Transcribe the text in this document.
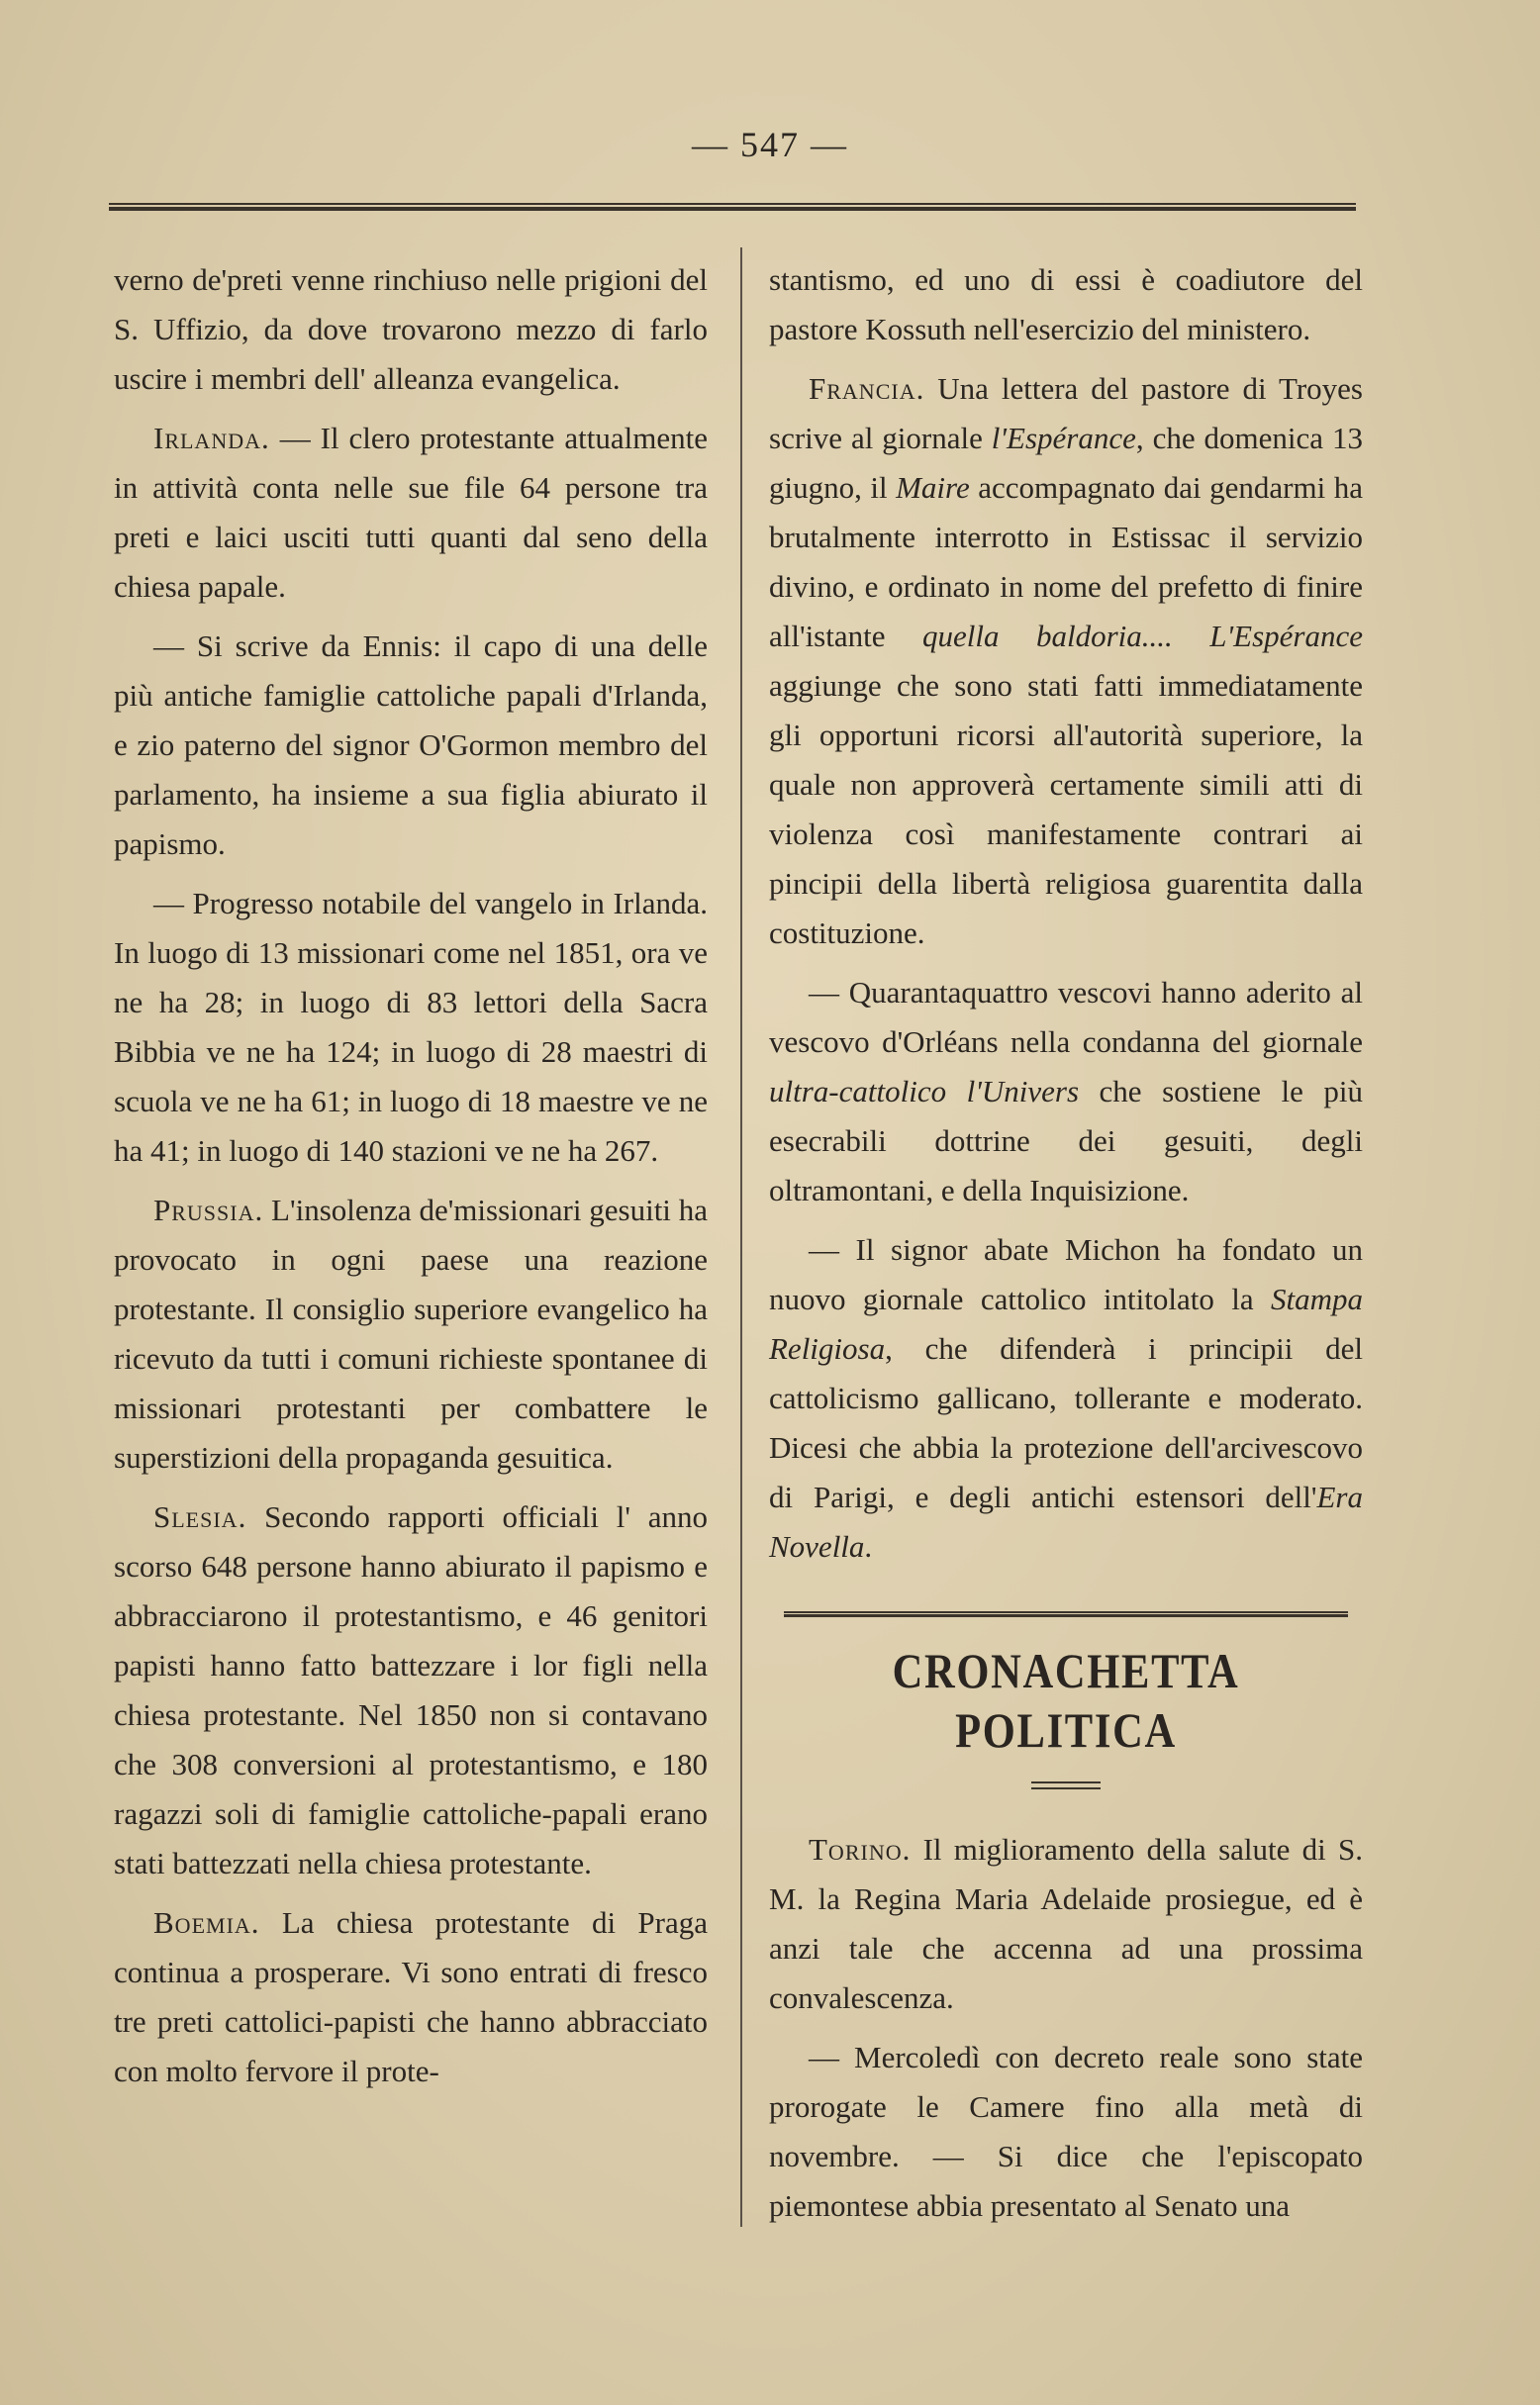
— 547 —

verno de'preti venne rinchiuso nelle prigioni del S. Uffizio, da dove trovarono mezzo di farlo uscire i membri dell' alleanza evangelica.

Irlanda. — Il clero protestante attualmente in attività conta nelle sue file 64 persone tra preti e laici usciti tutti quanti dal seno della chiesa papale.

— Si scrive da Ennis: il capo di una delle più antiche famiglie cattoliche papali d'Irlanda, e zio paterno del signor O'Gormon membro del parlamento, ha insieme a sua figlia abiurato il papismo.

— Progresso notabile del vangelo in Irlanda. In luogo di 13 missionari come nel 1851, ora ve ne ha 28; in luogo di 83 lettori della Sacra Bibbia ve ne ha 124; in luogo di 28 maestri di scuola ve ne ha 61; in luogo di 18 maestre ve ne ha 41; in luogo di 140 stazioni ve ne ha 267.

Prussia. L'insolenza de'missionari gesuiti ha provocato in ogni paese una reazione protestante. Il consiglio superiore evangelico ha ricevuto da tutti i comuni richieste spontanee di missionari protestanti per combattere le superstizioni della propaganda gesuitica.

Slesia. Secondo rapporti officiali l' anno scorso 648 persone hanno abiurato il papismo e abbracciarono il protestantismo, e 46 genitori papisti hanno fatto battezzare i lor figli nella chiesa protestante. Nel 1850 non si contavano che 308 conversioni al protestantismo, e 180 ragazzi soli di famiglie cattoliche-papali erano stati battezzati nella chiesa protestante.

Boemia. La chiesa protestante di Praga continua a prosperare. Vi sono entrati di fresco tre preti cattolici-papisti che hanno abbracciato con molto fervore il prote-

stantismo, ed uno di essi è coadiutore del pastore Kossuth nell'esercizio del ministero.

Francia. Una lettera del pastore di Troyes scrive al giornale l'Espérance, che domenica 13 giugno, il Maire accompagnato dai gendarmi ha brutalmente interrotto in Estissac il servizio divino, e ordinato in nome del prefetto di finire all'istante quella baldoria.... L'Espérance aggiunge che sono stati fatti immediatamente gli opportuni ricorsi all'autorità superiore, la quale non approverà certamente simili atti di violenza così manifestamente contrari ai pincipii della libertà religiosa guarentita dalla costituzione.

— Quarantaquattro vescovi hanno aderito al vescovo d'Orléans nella condanna del giornale ultra-cattolico l'Univers che sostiene le più esecrabili dottrine dei gesuiti, degli oltramontani, e della Inquisizione.

— Il signor abate Michon ha fondato un nuovo giornale cattolico intitolato la Stampa Religiosa, che difenderà i principii del cattolicismo gallicano, tollerante e moderato. Dicesi che abbia la protezione dell'arcivescovo di Parigi, e degli antichi estensori dell'Era Novella.

CRONACHETTA POLITICA

Torino. Il miglioramento della salute di S. M. la Regina Maria Adelaide prosiegue, ed è anzi tale che accenna ad una prossima convalescenza.

— Mercoledì con decreto reale sono state prorogate le Camere fino alla metà di novembre. — Si dice che l'episcopato piemontese abbia presentato al Senato una
